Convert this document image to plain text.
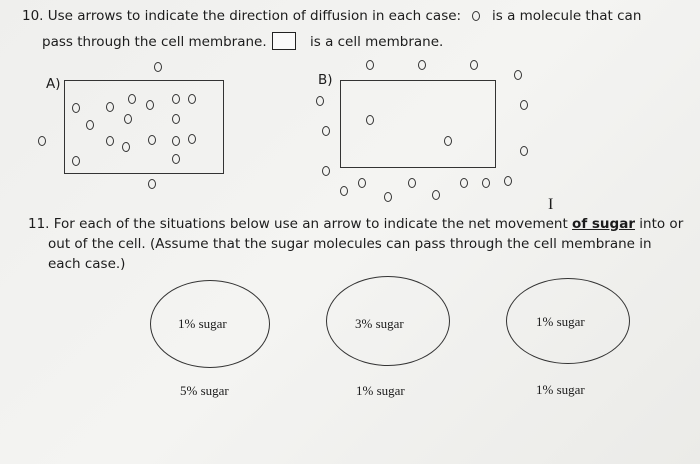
10. Use arrows to indicate the direction of diffusion in each case: is a molecule that can
pass through the cell membrane.	is a cell membrane.
A)	B)
I
11. For each of the situations below use an arrow to indicate the net movement of sugar into or
out of the cell. (Assume that the sugar molecules can pass through the cell membrane in
each case.)
1% sugar
5% sugar
3% sugar
1% sugar
1% sugar
1% sugar
